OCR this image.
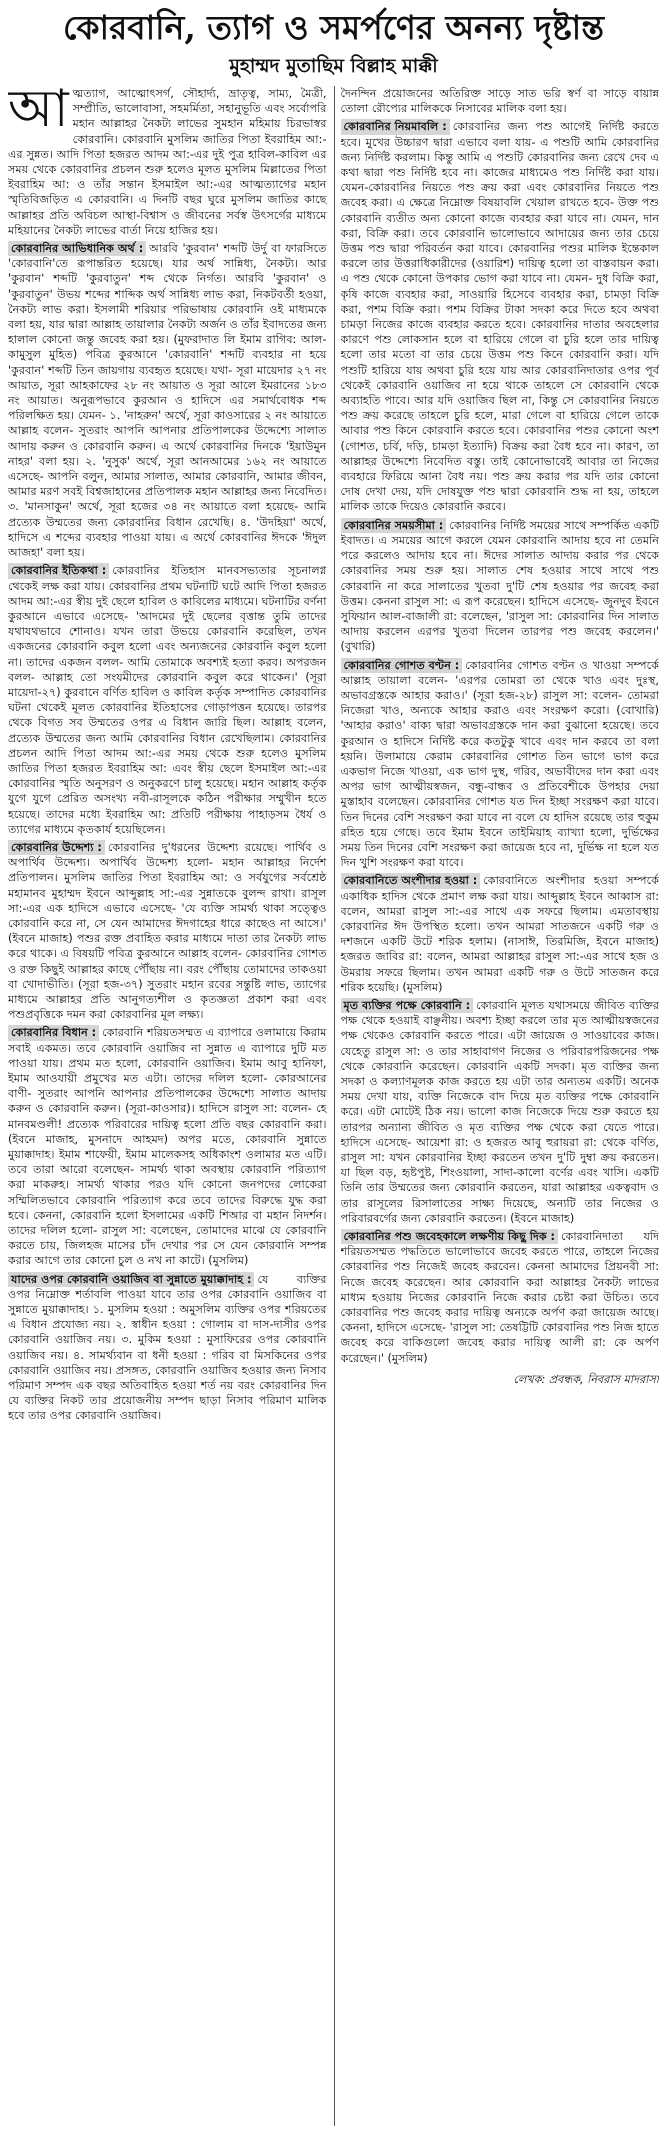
কোরবানি, ত্যাগ ও সমর্পণের অনন্য দৃষ্টান্ত
মুহাম্মদ মুতাছিম বিল্লাহ মাক্কী

আত্মত্যাগ, আত্মোৎসর্গ, সৌহার্দ্য, ভ্রাতৃত্ব, সাম্য, মৈত্রী, সম্প্রীতি, ভালোবাসা, সহমর্মিতা, সহানুভূতি এবং সর্বোপরি মহান আল্লাহর নৈকট্য লাভের সুমহান মহিমায় চিরভাস্বর কোরবানি। কোরবানি মুসলিম জাতির পিতা ইবরাহিম আ:-এর সুন্নত। আদি পিতা হজরত আদম আ:-এর দুই পুত্র হাবিল-কাবিল এর সময় থেকে কোরবানির প্রচলন শুরু হলেও মূলত মুসলিম মিল্লাতের পিতা ইবরাহিম আ: ও তাঁর সন্তান ইসমাইল আ:-এর আত্মত্যাগের মহান স্মৃতিবিজড়িত এ কোরবানি। এ দিনটি বছর ঘুরে মুসলিম জাতির কাছে আল্লাহর প্রতি অবিচল আস্থা-বিশ্বাস ও জীবনের সর্বস্ব উৎসর্গের মাধ্যমে মহিয়ানের নৈকট্য লাভের বার্তা নিয়ে হাজির হয়।

কোরবানির আভিধানিক অর্থ : আরবি 'কুরবান' শব্দটি উর্দু বা ফারসিতে 'কোরবানি'তে রূপান্তরিত হয়েছে। যার অর্থ সান্নিধ্য, নৈকট্য। আর 'কুরবান' শব্দটি 'কুরবাতুন' শব্দ থেকে নির্গত। আরবি 'কুরবান' ও 'কুরবাতুন' উভয় শব্দের শাব্দিক অর্থ সান্নিধ্য লাভ করা, নিকটবর্তী হওয়া, নৈকট্য লাভ করা। ইসলামী শরিয়ার পরিভাষায় কোরবানি ওই মাধ্যমকে বলা হয়, যার দ্বারা আল্লাহ তায়ালার নৈকট্য অর্জন ও তাঁর ইবাদতের জন্য হালাল কোনো জন্তু জবেহ করা হয়। (মুফরাদাত লি ইমাম রাগিব: আল-কামুসুল মুহিত) পবিত্র কুরআনে 'কোরবানি' শব্দটি ব্যবহার না হয়ে 'কুরবান' শব্দটি তিন জায়গায় ব্যবহৃত হয়েছে। যথা- সূরা মায়েদার ২৭ নং আয়াত, সূরা আহকাফের ২৮ নং আয়াত ও সূরা আলে ইমরানের ১৮৩ নং আয়াত। অনুরূপভাবে কুরআন ও হাদিসে এর সমার্থবোধক শব্দ পরিলক্ষিত হয়। যেমন- ১. 'নাহরুন' অর্থে, সূরা কাওসারের ২ নং আয়াতে আল্লাহ বলেন- সুতরাং আপনি আপনার প্রতিপালকের উদ্দেশ্যে সালাত আদায় করুন ও কোরবানি করুন। এ অর্থে কোরবানির দিনকে 'ইয়াউমুন নাহর' বলা হয়। ২. 'নুসুক' অর্থে, সূরা আনআমের ১৬২ নং আয়াতে এসেছে- আপনি বলুন, আমার সালাত, আমার কোরবানি, আমার জীবন, আমার মরণ সবই বিশ্বজাহানের প্রতিপালক মহান আল্লাহর জন্য নিবেদিত। ৩. 'মানসাকুন' অর্থে, সূরা হজের ৩৪ নং আয়াতে বলা হয়েছে- আমি প্রত্যেক উম্মতের জন্য কোরবানির বিধান রেখেছি। ৪. 'উদহিয়া' অর্থে, হাদিসে এ শব্দের ব্যবহার পাওয়া যায়। এ অর্থে কোরবানির ঈদকে 'ঈদুল আজহা' বলা হয়।

কোরবানির ইতিকথা : কোরবানির ইতিহাস মানবসভ্যতার সূচনালগ্ন থেকেই লক্ষ করা যায়। কোরবানির প্রথম ঘটনাটি ঘটে আদি পিতা হজরত আদম আ:-এর স্বীয় দুই ছেলে হাবিল ও কাবিলের মাধ্যমে। ঘটনাটির বর্ণনা কুরআনে এভাবে এসেছে- 'আদমের দুই ছেলের বৃত্তান্ত তুমি তাদের যথাযথভাবে শোনাও। যখন তারা উভয়ে কোরবানি করেছিল, তখন একজনের কোরবানি কবুল হলো এবং অন্যজনের কোরবানি কবুল হলো না। তাদের একজন বলল- আমি তোমাকে অবশ্যই হত্যা করব। অপরজন বলল- আল্লাহ তো সংযমীদের কোরবানি কবুল করে থাকেন।' (সূরা মায়েদা-২৭) কুরবানে বর্ণিত হাবিল ও কাবিল কর্তৃক সম্পাদিত কোরবানির ঘটনা থেকেই মূলত কোরবানির ইতিহাসের গোড়াপত্তন হয়েছে। তারপর থেকে বিগত সব উম্মতের ওপর এ বিধান জারি ছিল। আল্লাহ বলেন, প্রত্যেক উম্মতের জন্য আমি কোরবানির বিধান রেখেছিলাম। কোরবানির প্রচলন আদি পিতা আদম আ:-এর সময় থেকে শুরু হলেও মুসলিম জাতির পিতা হজরত ইবরাহিম আ: এবং স্বীয় ছেলে ইসমাইল আ:-এর কোরবানির স্মৃতি অনুসরণ ও অনুকরণে চালু হয়েছে। মহান আল্লাহ কর্তৃক যুগে যুগে প্রেরিত অসংখ্য নবী-রাসূলকে কঠিন পরীক্ষার সম্মুখীন হতে হয়েছে। তাদের মধ্যে ইবরাহিম আ: প্রতিটি পরীক্ষায় পাহাড়সম ধৈর্য ও ত্যাগের মাধ্যমে কৃতকার্য হয়েছিলেন।

কোরবানির উদ্দেশ্য : কোরবানির দু'ধরনের উদ্দেশ্য রয়েছে। পার্থিব ও অপার্থিব উদ্দেশ্য। অপার্থিব উদ্দেশ্য হলো- মহান আল্লাহর নির্দেশ প্রতিপালন। মুসলিম জাতির পিতা ইবরাহিম আ: ও সর্বযুগের সর্বশ্রেষ্ঠ মহামানব মুহাম্মদ ইবনে আব্দুল্লাহ সা:-এর সুন্নাতকে বুলন্দ রাখা। রাসূল সা:-এর এক হাদিসে এভাবে এসেছে- 'যে ব্যক্তি সামর্থ্য থাকা সত্ত্বেও কোরবানি করে না, সে যেন আমাদের ঈদগাহের ধারে কাছেও না আসে।' (ইবনে মাজাহ) পশুর রক্ত প্রবাহিত করার মাধ্যমে দাতা তার নৈকট্য লাভ করে থাকে। এ বিষয়টি পবিত্র কুরআনে আল্লাহ বলেন- কোরবানির গোশত ও রক্ত কিছুই আল্লাহর কাছে পৌঁছায় না। বরং পৌঁছায় তোমাদের তাকওয়া বা খোদাভীতি। (সূরা হজ-৩৭) সুতরাং মহান রবের সন্তুষ্টি লাভ, ত্যাগের মাধ্যমে আল্লাহর প্রতি আনুগত্যশীল ও কৃতজ্ঞতা প্রকাশ করা এবং পশুপ্রবৃত্তিকে দমন করা কোরবানির মূল লক্ষ্য।

কোরবানির বিধান : কোরবানি শরিয়তসম্মত এ ব্যাপারে ওলামায়ে কিরাম সবাই একমত। তবে কোরবানি ওয়াজিব না সুন্নাত এ ব্যাপারে দুটি মত পাওয়া যায়। প্রথম মত হলো, কোরবানি ওয়াজিব। ইমাম আবু হানিফা, ইমাম আওযায়ী প্রমুখের মত এটা। তাদের দলিল হলো- কোরআনের বাণী- সুতরাং আপনি আপনার প্রতিপালকের উদ্দেশ্যে সালাত আদায় করুন ও কোরবানি করুন। (সূরা-কাওসার)। হাদিসে রাসুল সা: বলেন- হে মানবমণ্ডলী! প্রত্যেক পরিবারের দায়িত্ব হলো প্রতি বছর কোরবানি করা। (ইবনে মাজাহ, মুসনাদে আহমদ) অপর মতে, কোরবানি সুন্নাতে মুয়াক্কাদাহ। ইমাম শাফেয়ী, ইমাম মালেকসহ অধিকাংশ ওলামার মত এটি। তবে তারা আরো বলেছেন- সামর্থ্য থাকা অবস্থায় কোরবানি পরিত্যাগ করা মাকরুহ। সামর্থ্য থাকার পরও যদি কোনো জনপদের লোকেরা সম্মিলিতভাবে কোরবানি পরিত্যাগ করে তবে তাদের বিরুদ্ধে যুদ্ধ করা হবে। কেননা, কোরবানি হলো ইসলামের একটি শিআর বা মহান নিদর্শন। তাদের দলিল হলো- রাসুল সা: বলেছেন, তোমাদের মাঝে যে কোরবানি করতে চায়, জিলহজ মাসের চাঁদ দেখার পর সে যেন কোরবানি সম্পন্ন করার আগে তার কোনো চুল ও নখ না কাটে। (মুসলিম)

যাদের ওপর কোরবানি ওয়াজিব বা সুন্নাতে মুয়াক্কাদাহ : যে ব্যক্তির ওপর নিম্নোক্ত শর্তাবলি পাওয়া যাবে তার ওপর কোরবানি ওয়াজিব বা সুন্নাতে মুয়াক্কাদাহ। ১. মুসলিম হওয়া : অমুসলিম ব্যক্তির ওপর শরিয়তের এ বিধান প্রযোজ্য নয়। ২. স্বাধীন হওয়া : গোলাম বা দাস-দাসীর ওপর কোরবানি ওয়াজিব নয়। ৩. মুকিম হওয়া : মুসাফিরের ওপর কোরবানি ওয়াজিব নয়। ৪. সামর্থ্যবান বা ধনী হওয়া : গরিব বা মিসকিনের ওপর কোরবানি ওয়াজিব নয়। প্রসঙ্গত, কোরবানি ওয়াজিব হওয়ার জন্য নিসাব পরিমাণ সম্পদ এক বছর অতিবাহিত হওয়া শর্ত নয় বরং কোরবানির দিন যে ব্যক্তির নিকট তার প্রয়োজনীয় সম্পদ ছাড়া নিসাব পরিমাণ মালিক হবে তার ওপর কোরবানি ওয়াজিব।

দৈনন্দিন প্রয়োজনের অতিরিক্ত সাড়ে সাত ভরি স্বর্ণ বা সাড়ে বায়ান্ন তোলা রৌপ্যের মালিককে নিসাবের মালিক বলা হয়।

কোরবানির নিয়মাবলি : কোরবানির জন্য পশু আগেই নির্দিষ্ট করতে হবে। মুখের উচ্চারণ দ্বারা এভাবে বলা যায়- এ পশুটি আমি কোরবানির জন্য নির্দিষ্ট করলাম। কিন্তু আমি এ পশুটি কোরবানির জন্য রেখে দেব এ কথা দ্বারা পশু নির্দিষ্ট হবে না। কাজের মাধ্যমেও পশু নির্দিষ্ট করা যায়। যেমন-কোরবানির নিয়তে পশু ক্রয় করা এবং কোরবানির নিয়তে পশু জবেহ করা। এ ক্ষেত্রে নিম্নোক্ত বিষয়াবলি খেয়াল রাখতে হবে- উক্ত পশু কোরবানি ব্যতীত অন্য কোনো কাজে ব্যবহার করা যাবে না। যেমন, দান করা, বিক্রি করা। তবে কোরবানি ভালোভাবে আদায়ের জন্য তার চেয়ে উত্তম পশু দ্বারা পরিবর্তন করা যাবে। কোরবানির পশুর মালিক ইন্তেকাল করলে তার উত্তরাধিকারীদের (ওয়ারিশ) দায়িত্ব হলো তা বাস্তবায়ন করা। এ পশু থেকে কোনো উপকার ভোগ করা যাবে না। যেমন- দুধ বিক্রি করা, কৃষি কাজে ব্যবহার করা, সাওয়ারি হিসেবে ব্যবহার করা, চামড়া বিক্রি করা, পশম বিক্রি করা। পশম বিক্রির টাকা সদকা করে দিতে হবে অথবা চামড়া নিজের কাজে ব্যবহার করতে হবে। কোরবানির দাতার অবহেলার কারণে পশু লোকসান হলে বা হারিয়ে গেলে বা চুরি হলে তার দায়িত্ব হলো তার মতো বা তার চেয়ে উত্তম পশু কিনে কোরবানি করা। যদি পশুটি হারিয়ে যায় অথবা চুরি হয়ে যায় আর কোরবানিদাতার ওপর পূর্ব থেকেই কোরবানি ওয়াজিব না হয়ে থাকে তাহলে সে কোরবানি থেকে অব্যাহতি পাবে। আর যদি ওয়াজিব ছিল না, কিন্তু সে কোরবানির নিয়তে পশু ক্রয় করেছে তাহলে চুরি হলে, মারা গেলে বা হারিয়ে গেলে তাকে আবার পশু কিনে কোরবানি করতে হবে। কোরবানির পশুর কোনো অংশ (গোশত, চর্বি, দড়ি, চামড়া ইত্যাদি) বিক্রয় করা বৈধ হবে না। কারণ, তা আল্লাহর উদ্দেশ্যে নিবেদিত বস্তু। তাই কোনোভাবেই আবার তা নিজের ব্যবহারে ফিরিয়ে আনা বৈধ নয়। পশু ক্রয় করার পর যদি তার কোনো দোষ দেখা দেয়, যদি দোষযুক্ত পশু দ্বারা কোরবানি শুদ্ধ না হয়, তাহলে মালিক তাকে দিয়েও কোরবানি করবে।

কোরবানির সময়সীমা : কোরবানির নির্দিষ্ট সময়ের সাথে সম্পর্কিত একটি ইবাদত। এ সময়ের আগে করলে যেমন কোরবানি আদায় হবে না তেমনি পরে করলেও আদায় হবে না। ঈদের সালাত আদায় করার পর থেকে কোরবানির সময় শুরু হয়। সালাত শেষ হওয়ার সাথে সাথে পশু কোরবানি না করে সালাতের খুতবা দু'টি শেষ হওয়ার পর জবেহ করা উত্তম। কেননা রাসুল সা: এ রূপ করেছেন। হাদিসে এসেছে- জুনদুব ইবনে সুফিয়ান আল-বাজালী রা: বলেছেন, 'রাসুল সা: কোরবানির দিন সালাত আদায় করলেন এরপর খুতবা দিলেন তারপর পশু জবেহ করলেন।' (বুখারি)

কোরবানির গোশত বণ্টন : কোরবানির গোশত বণ্টন ও খাওয়া সম্পর্কে আল্লাহ তায়ালা বলেন- 'এরপর তোমরা তা থেকে খাও এবং দুঃস্থ, অভাবগ্রস্তকে আহার করাও।' (সূরা হজ-২৮) রাসুল সা: বলেন- তোমরা নিজেরা খাও, অন্যকে আহার করাও এবং সংরক্ষণ করো। (বোখারি) 'আহার করাও' বাক্য দ্বারা অভাবগ্রস্তকে দান করা বুঝানো হয়েছে। তবে কুরআন ও হাদিসে নির্দিষ্ট করে কতটুকু খাবে এবং দান করবে তা বলা হয়নি। উলামায়ে কেরাম কোরবানির গোশত তিন ভাগে ভাগ করে একভাগ নিজে খাওয়া, এক ভাগ দুস্থ, গরিব, অভাবীদের দান করা এবং অপর ভাগ আত্মীয়স্বজন, বন্ধু-বান্ধব ও প্রতিবেশীকে উপহার দেয়া মুস্তাহাব বলেছেন। কোরবানির গোশত যত দিন ইচ্ছা সংরক্ষণ করা যাবে। তিন দিনের বেশি সংরক্ষণ করা যাবে না বলে যে হাদিস রয়েছে তার হুকুম রহিত হয়ে গেছে। তবে ইমাম ইবনে তাইমিয়াহ ব্যাখ্যা হলো, দুর্ভিক্ষের সময় তিন দিনের বেশি সংরক্ষণ করা জায়েজ হবে না, দুর্ভিক্ষ না হলে যত দিন খুশি সংরক্ষণ করা যাবে।

কোরবানিতে অংশীদার হওয়া : কোরবানিতে অংশীদার হওয়া সম্পর্কে একাধিক হাদিস থেকে প্রমাণ লক্ষ করা যায়। আব্দুল্লাহ ইবনে আব্বাস রা: বলেন, আমরা রাসুল সা:-এর সাথে এক সফরে ছিলাম। এমতাবস্থায় কোরবানির ঈদ উপস্থিত হলো। তখন আমরা সাতজনে একটি গরু ও দশজনে একটি উটে শরিক হলাম। (নাসাঈ, তিরমিজি, ইবনে মাজাহ) হজরত জাবির রা: বলেন, আমরা আল্লাহর রাসুল সা:-এর সাথে হজ ও উমরায় সফরে ছিলাম। তখন আমরা একটি গরু ও উটে সাতজন করে শরিক হয়েছি। (মুসলিম)

মৃত ব্যক্তির পক্ষে কোরবানি : কোরবানি মূলত যথাসময়ে জীবিত ব্যক্তির পক্ষ থেকে হওয়াই বাঞ্ছনীয়। অবশ্য ইচ্ছা করলে তার মৃত আত্মীয়স্বজনের পক্ষ থেকেও কোরবানি করতে পারে। এটা জায়েজ ও সাওয়াবের কাজ। যেহেতু রাসুল সা: ও তার সাহাবাগণ নিজের ও পরিবারপরিজনের পক্ষ থেকে কোরবানি করেছেন। কোরবানি একটি সদকা। মৃত ব্যক্তির জন্য সদকা ও কল্যাণমূলক কাজ করতে হয় এটা তার অন্যতম একটি। অনেক সময় দেখা যায়, ব্যক্তি নিজেকে বাদ দিয়ে মৃত ব্যক্তির পক্ষে কোরবানি করে। এটা মোটেই ঠিক নয়। ভালো কাজ নিজেকে দিয়ে শুরু করতে হয় তারপর অন্যান্য জীবিত ও মৃত ব্যক্তির পক্ষ থেকে করা যেতে পারে। হাদিসে এসেছে- আয়েশা রা: ও হজরত আবু হুরায়রা রা: থেকে বর্ণিত, রাসুল সা: যখন কোরবানির ইচ্ছা করতেন তখন দু'টি দুম্বা ক্রয় করতেন। যা ছিল বড়, হৃষ্টপুষ্ট, শিংওয়ালা, সাদা-কালো বর্ণের এবং খাসি। একটি তিনি তার উম্মতের জন্য কোরবানি করতেন, যারা আল্লাহর একত্ববাদ ও তার রাসূলের রিসালাতের সাক্ষ্য দিয়েছে, অন্যটি তার নিজের ও পরিবারবর্গের জন্য কোরবানি করতেন। (ইবনে মাজাহ)

কোরবানির পশু জবেহকালে লক্ষণীয় কিছু দিক : কোরবানিদাতা যদি শরিয়তসম্মত পদ্ধতিতে ভালোভাবে জবেহ করতে পারে, তাহলে নিজের কোরবানির পশু নিজেই জবেহ করবেন। কেননা আমাদের প্রিয়নবী সা: নিজে জবেহ করেছেন। আর কোরবানি করা আল্লাহর নৈকট্য লাভের মাধ্যম হওয়ায় নিজের কোরবানি নিজে করার চেষ্টা করা উচিত। তবে কোরবানির পশু জবেহ করার দায়িত্ব অন্যকে অর্পণ করা জায়েজ আছে। কেননা, হাদিসে এসেছে- 'রাসুল সা: তেষট্টিটি কোরবানির পশু নিজ হাতে জবেহ করে বাকিগুলো জবেহ করার দায়িত্ব আলী রা: কে অর্পণ করেছেন।' (মুসলিম)

লেখক: প্রবন্ধক, নিবরাস মাদরাসা
